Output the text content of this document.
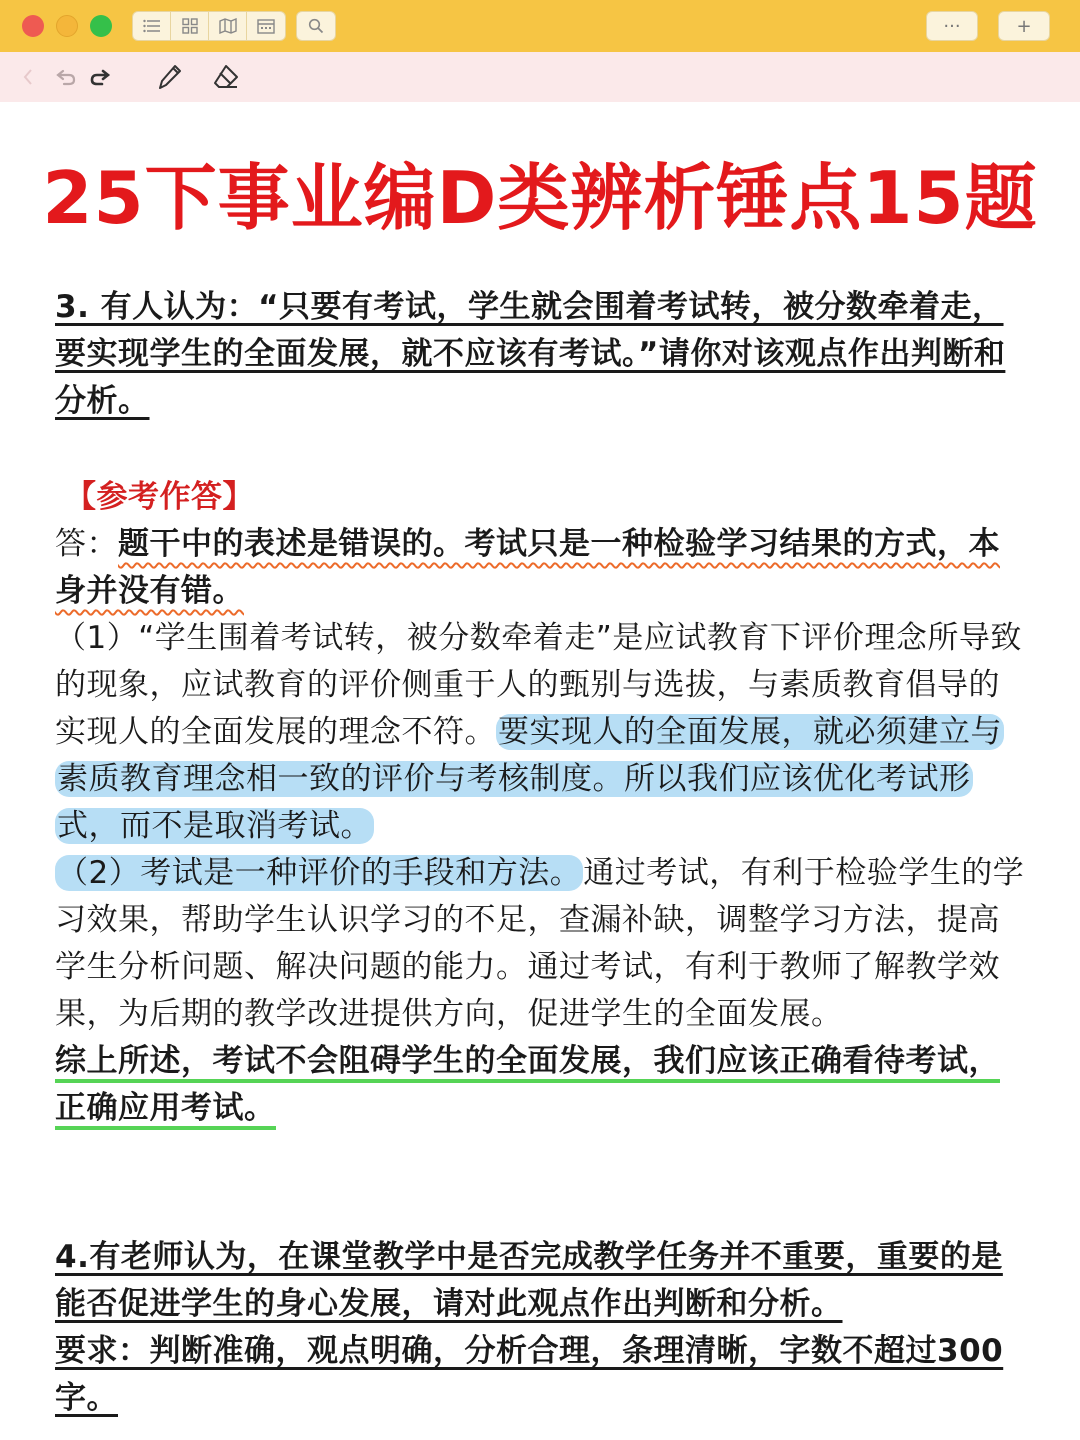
···	+
25下事业编D类辨析锤点15题
3. 有人认为：“只要有考试，学生就会围着考试转，被分数牵着走，要实现学生的全面发展，就不应该有考试。”请你对该观点作出判断和分析。
【参考作答】
答：题干中的表述是错误的。考试只是一种检验学习结果的方式，本身并没有错。
（1）“学生围着考试转，被分数牵着走”是应试教育下评价理念所导致的现象，应试教育的评价侧重于人的甄别与选拔，与素质教育倡导的实现人的全面发展的理念不符。要实现人的全面发展，就必须建立与素质教育理念相一致的评价与考核制度。所以我们应该优化考试形式，而不是取消考试。
（2）考试是一种评价的手段和方法。通过考试，有利于检验学生的学习效果，帮助学生认识学习的不足，查漏补缺，调整学习方法，提高学生分析问题、解决问题的能力。通过考试，有利于教师了解教学效果，为后期的教学改进提供方向，促进学生的全面发展。
综上所述，考试不会阻碍学生的全面发展，我们应该正确看待考试，正确应用考试。
4.有老师认为，在课堂教学中是否完成教学任务并不重要，重要的是能否促进学生的身心发展，请对此观点作出判断和分析。
要求：判断准确，观点明确，分析合理，条理清晰，字数不超过300字。
